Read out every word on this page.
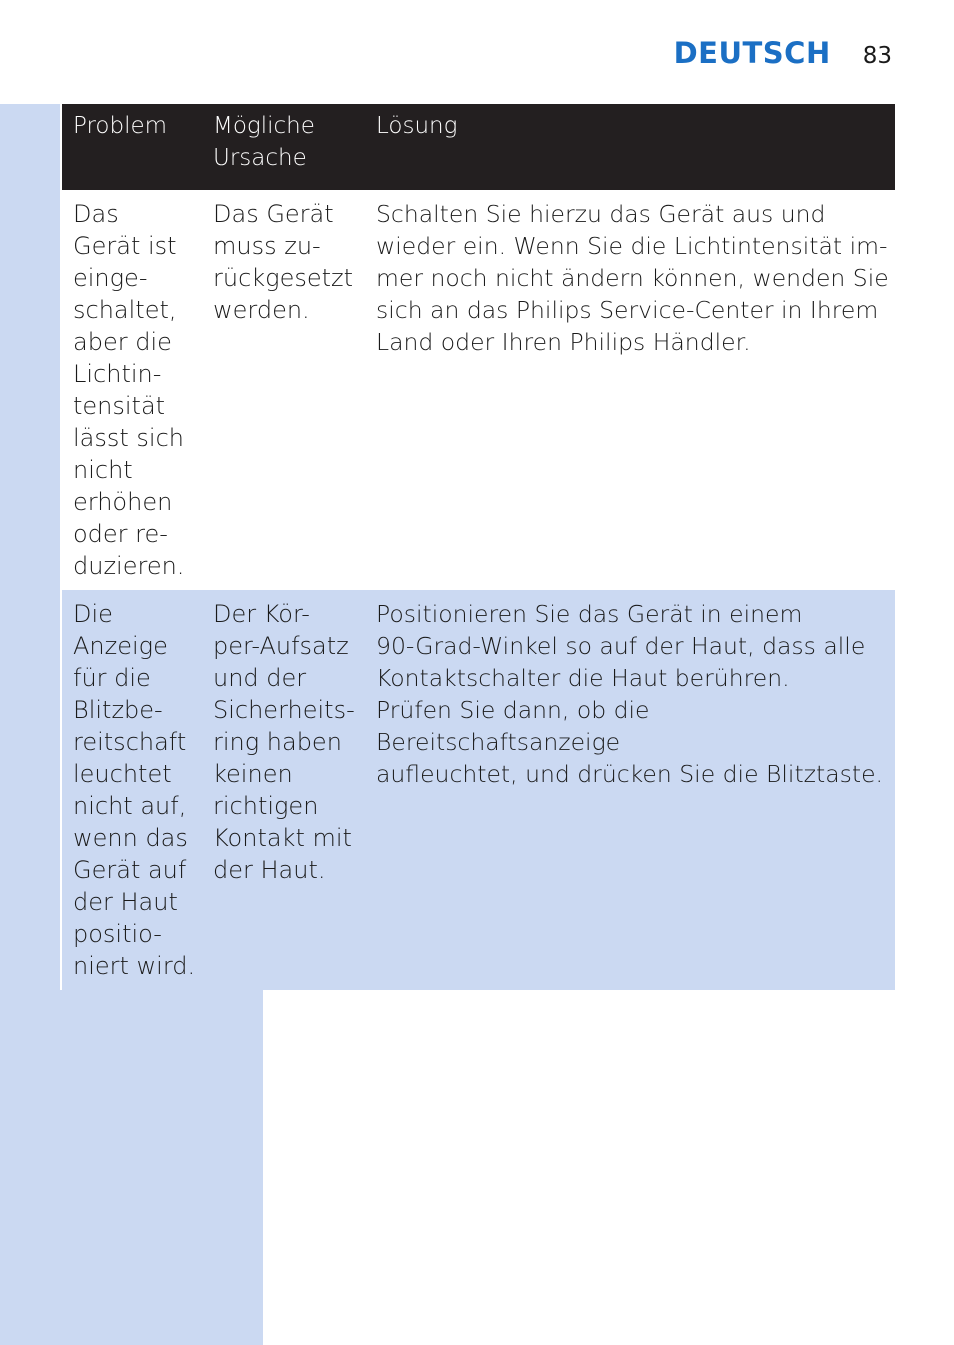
DEUTSCH 83
Problem	Mögliche
Ursache
Lösung
Das
Gerät ist
einge-
schaltet,
aber die
Lichtin-
tensität
lässt sich
nicht
erhöhen
oder re-
duzieren.
Das Gerät
muss zu-
rückgesetzt
werden.
Schalten Sie hierzu das Gerät aus und
wieder ein. Wenn Sie die Lichtintensität im-
mer noch nicht ändern können, wenden Sie
sich an das Philips Service-Center in Ihrem
Land oder Ihren Philips Händler.
Die
Anzeige
für die
Blitzbe-
reitschaft
leuchtet
nicht auf,
wenn das
Gerät auf
der Haut
positio-
niert wird.
Der Kör-
per-Aufsatz
und der
Sicherheits-
ring haben
keinen
richtigen
Kontakt mit
der Haut.
Positionieren Sie das Gerät in einem
90-Grad-Winkel so auf der Haut, dass alle
Kontaktschalter die Haut berühren.
Prüfen Sie dann, ob die Bereitschaftsanzeige
aufleuchtet, und drücken Sie die Blitztaste.
